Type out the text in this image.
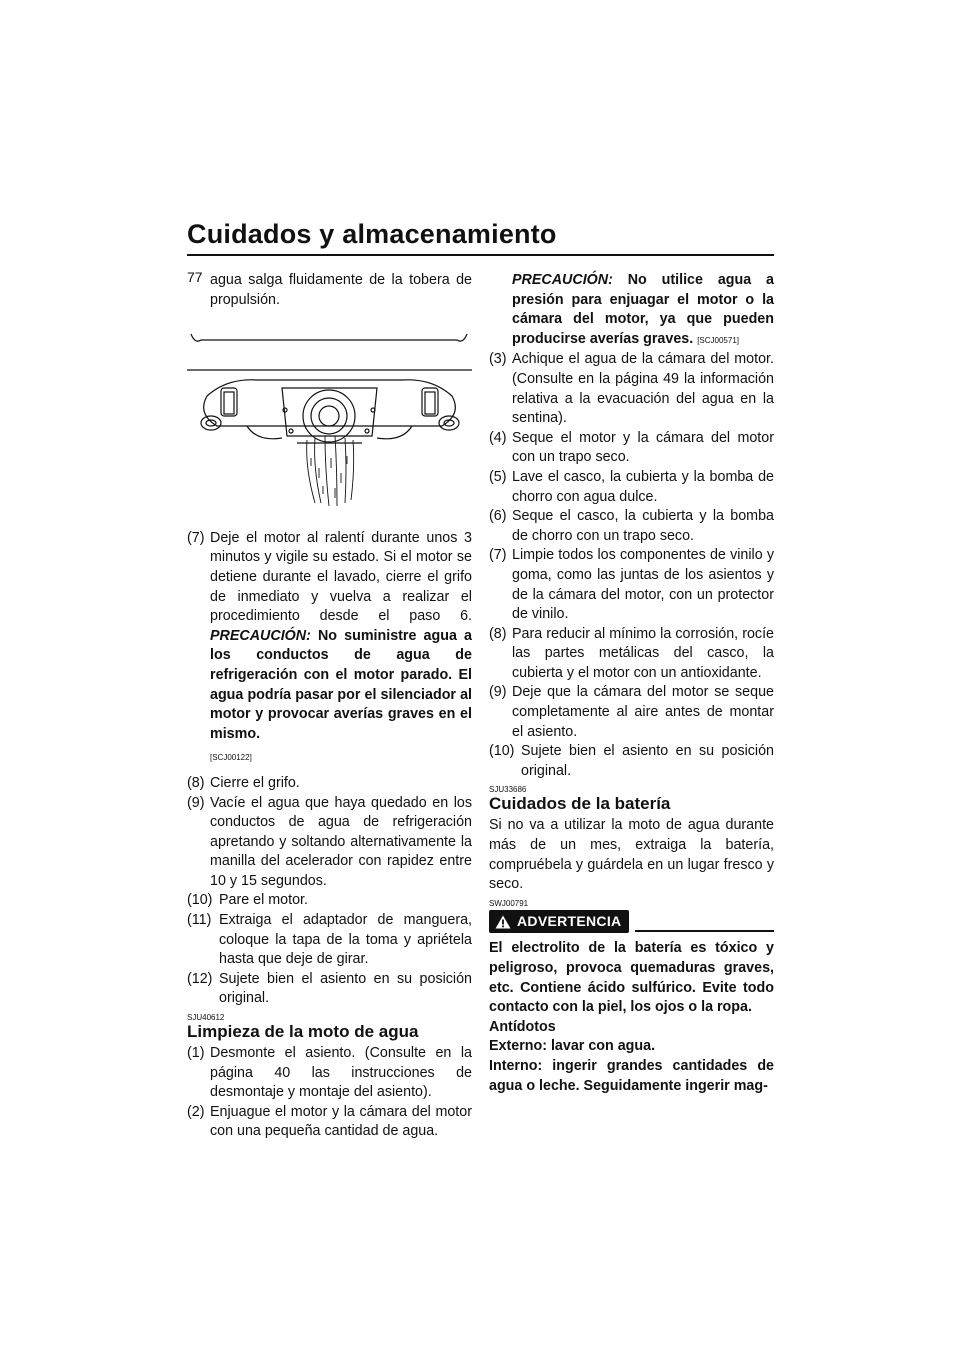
Cuidados y almacenamiento
77 agua salga fluidamente de la tobera de propulsión.

(7) Deje el motor al ralentí durante unos 3 minutos y vigile su estado. Si el motor se detiene durante el lavado, cierre el grifo de inmediato y vuelva a realizar el procedimiento desde el paso 6. PRECAUCIÓN: No suministre agua a los conductos de agua de refrigeración con el motor parado. El agua podría pasar por el silenciador al motor y provocar averías graves en el mismo.
[SCJ00122]
(8) Cierre el grifo.
(9) Vacíe el agua que haya quedado en los conductos de agua de refrigeración apretando y soltando alternativamente la manilla del acelerador con rapidez entre 10 y 15 segundos.
(10) Pare el motor.
(11) Extraiga el adaptador de manguera, coloque la tapa de la toma y apriétela hasta que deje de girar.
(12) Sujete bien el asiento en su posición original.
SJU40612
Limpieza de la moto de agua
(1) Desmonte el asiento. (Consulte en la página 40 las instrucciones de desmontaje y montaje del asiento).
(2) Enjuague el motor y la cámara del motor con una pequeña cantidad de agua.

PRECAUCIÓN: No utilice agua a presión para enjuagar el motor o la cámara del motor, ya que pueden producirse averías graves. [SCJ00571]

(3) Achique el agua de la cámara del motor. (Consulte en la página 49 la información relativa a la evacuación del agua en la sentina).
(4) Seque el motor y la cámara del motor con un trapo seco.
(5) Lave el casco, la cubierta y la bomba de chorro con agua dulce.
(6) Seque el casco, la cubierta y la bomba de chorro con un trapo seco.
(7) Limpie todos los componentes de vinilo y goma, como las juntas de los asientos y de la cámara del motor, con un protector de vinilo.
(8) Para reducir al mínimo la corrosión, rocíe las partes metálicas del casco, la cubierta y el motor con un antioxidante.
(9) Deje que la cámara del motor se seque completamente al aire antes de montar el asiento.
(10) Sujete bien el asiento en su posición original.
SJU33686
Cuidados de la batería

Si no va a utilizar la moto de agua durante más de un mes, extraiga la batería, compruébela y guárdela en un lugar fresco y seco.

SWJ00791
ADVERTENCIA

El electrolito de la batería es tóxico y peligroso, provoca quemaduras graves, etc. Contiene ácido sulfúrico. Evite todo contacto con la piel, los ojos o la ropa.

Antídotos

Externo: lavar con agua.

Interno: ingerir grandes cantidades de agua o leche. Seguidamente ingerir mag-
